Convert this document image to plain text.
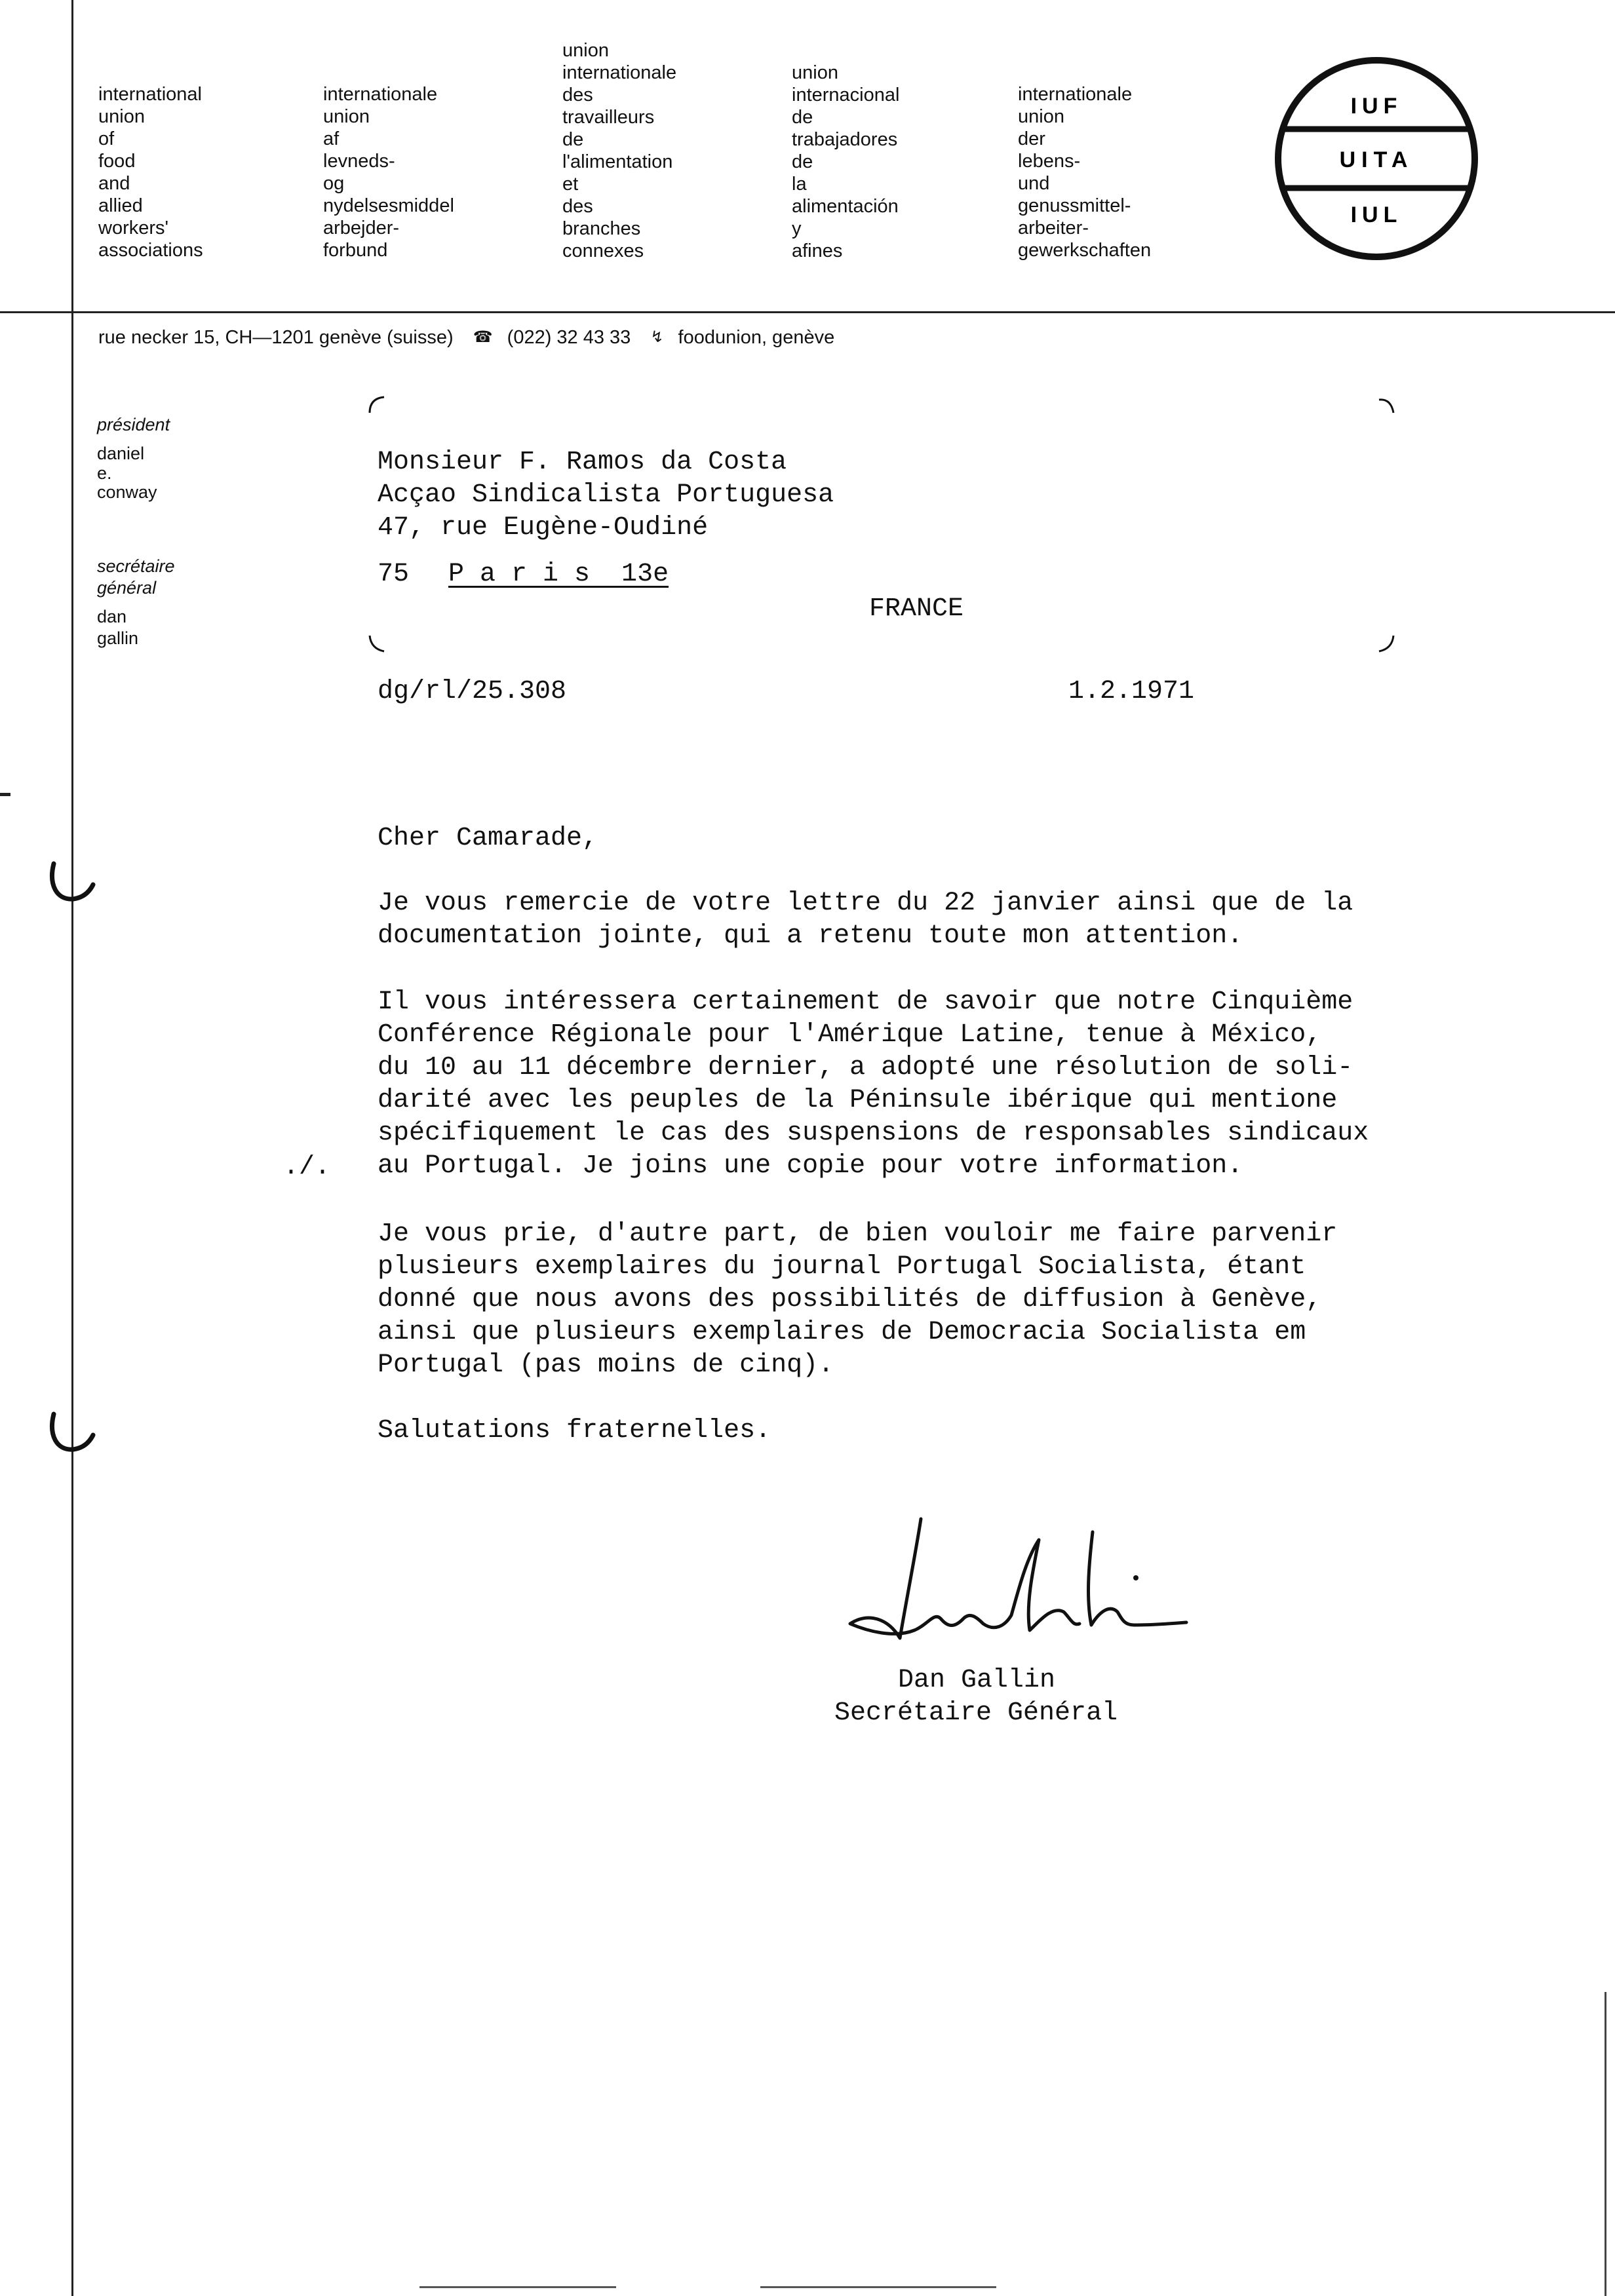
international
union
of
food
and
allied
workers'
associations
internationale
union
af
levneds-
og
nydelsesmiddel
arbejder-
forbund
union
internationale
des
travailleurs
de
l'alimentation
et
des
branches
connexes
union
internacional
de
trabajadores
de
la
alimentación
y
afines
internationale
union
der
lebens-
und
genussmittel-
arbeiter-
gewerkschaften
IUF
UITA
IUL
rue necker 15, CH—1201 genève (suisse) ☎ (022) 32 43 33 ↯ foodunion, genève
président
daniel
e.
conway
secrétaire
général
dan
gallin
Monsieur F. Ramos da Costa
Acçao Sindicalista Portuguesa
47, rue Eugène-Oudiné
75 P a r i s  13e
FRANCE
dg/rl/25.308	1.2.1971
Cher Camarade,
Je vous remercie de votre lettre du 22 janvier ainsi que de la
documentation jointe, qui a retenu toute mon attention.
Il vous intéressera certainement de savoir que notre Cinquième
Conférence Régionale pour l'Amérique Latine, tenue à México,
du 10 au 11 décembre dernier, a adopté une résolution de soli-
darité avec les peuples de la Péninsule ibérique qui mentione
spécifiquement le cas des suspensions de responsables sindicaux
au Portugal. Je joins une copie pour votre information.
./.
Je vous prie, d'autre part, de bien vouloir me faire parvenir
plusieurs exemplaires du journal Portugal Socialista, étant
donné que nous avons des possibilités de diffusion à Genève,
ainsi que plusieurs exemplaires de Democracia Socialista em
Portugal (pas moins de cinq).
Salutations fraternelles.
Dan Gallin
Secrétaire Général
